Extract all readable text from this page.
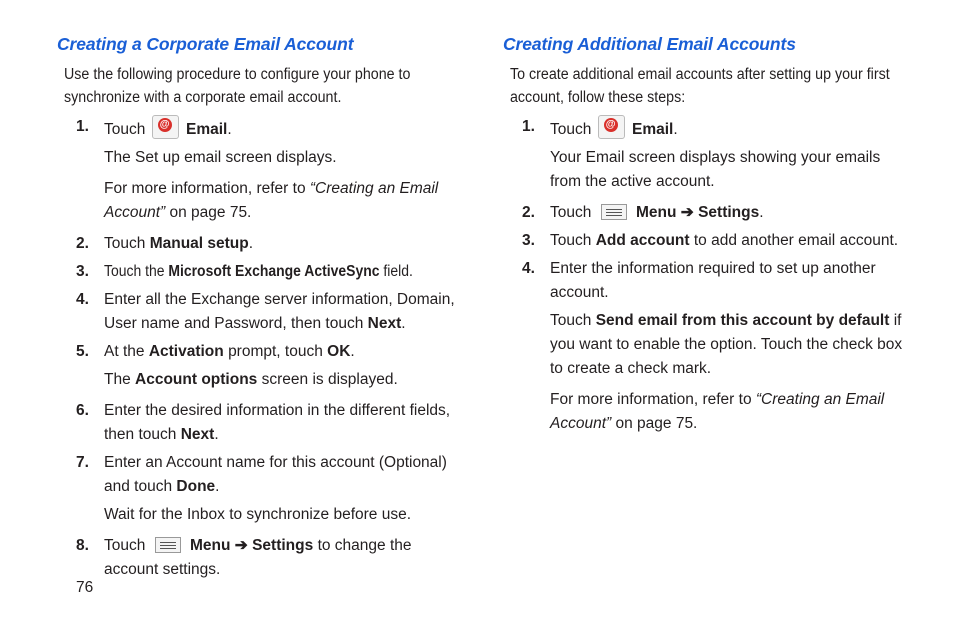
Creating a Corporate Email Account

Use the following procedure to configure your phone to synchronize with a corporate email account.

1. Touch @	Email.
The Set up email screen displays.
For more information, refer to “Creating an Email Account” on page 75.
2. Touch Manual setup.
3. Touch the Microsoft Exchange ActiveSync field.
4. Enter all the Exchange server information, Domain, User name and Password, then touch Next.
5. At the Activation prompt, touch OK.
The Account options screen is displayed.
6. Enter the desired information in the different fields, then touch Next.
7. Enter an Account name for this account (Optional) and touch Done.
Wait for the Inbox to synchronize before use.
8. Touch	Menu ➔ Settings to change the account settings.
Creating Additional Email Accounts

To create additional email accounts after setting up your first account, follow these steps:

1. Touch @	Email.
Your Email screen displays showing your emails from the active account.
2. Touch	Menu ➔ Settings.
3. Touch Add account to add another email account.
4. Enter the information required to set up another account.
Touch Send email from this account by default if you want to enable the option. Touch the check box to create a check mark.
For more information, refer to “Creating an Email Account” on page 75.
76
